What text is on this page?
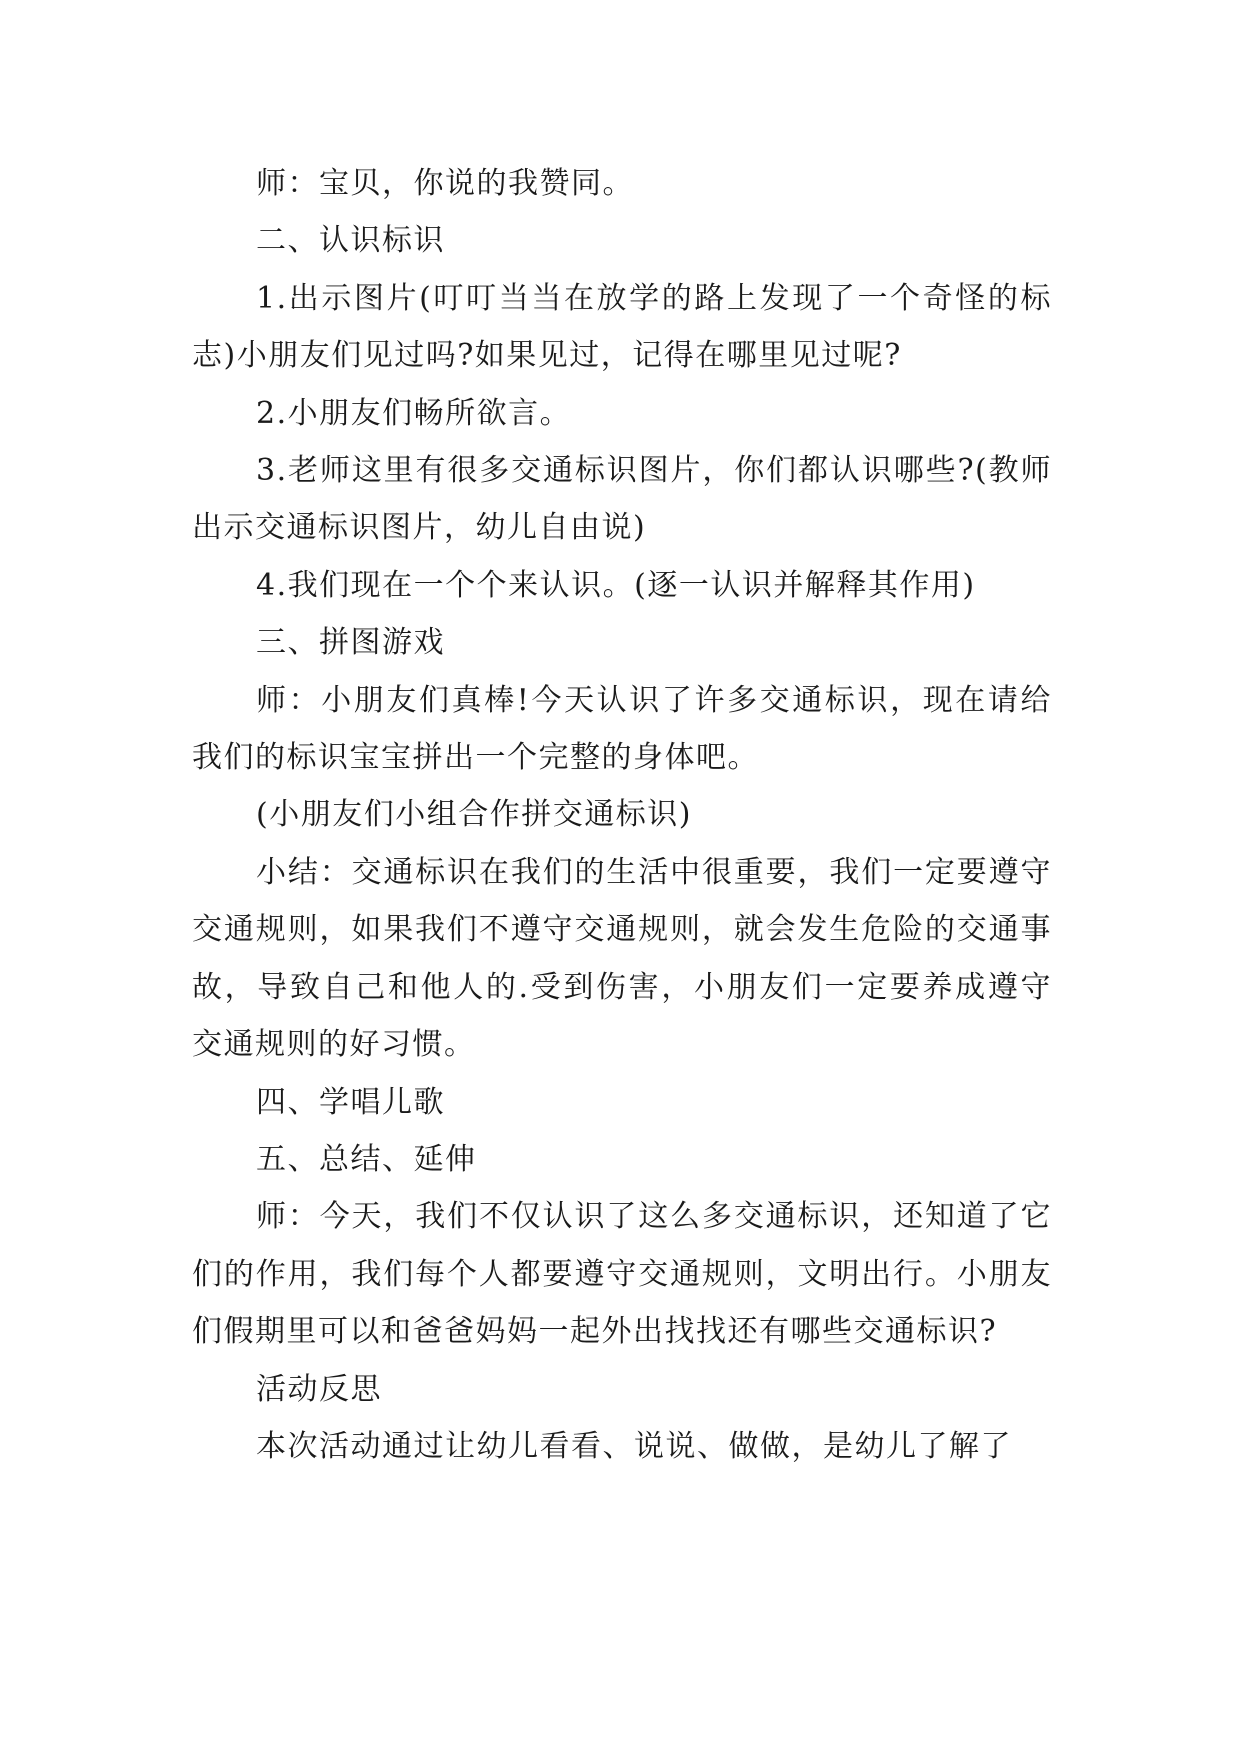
师：宝贝，你说的我赞同。

二、认识标识

1.出示图片(叮叮当当在放学的路上发现了一个奇怪的标志)小朋友们见过吗?如果见过，记得在哪里见过呢?

2.小朋友们畅所欲言。

3.老师这里有很多交通标识图片，你们都认识哪些?(教师出示交通标识图片，幼儿自由说)

4.我们现在一个个来认识。(逐一认识并解释其作用)

三、拼图游戏

师：小朋友们真棒!今天认识了许多交通标识，现在请给我们的标识宝宝拼出一个完整的身体吧。

(小朋友们小组合作拼交通标识)

小结：交通标识在我们的生活中很重要，我们一定要遵守交通规则，如果我们不遵守交通规则，就会发生危险的交通事故，导致自己和他人的.受到伤害，小朋友们一定要养成遵守交通规则的好习惯。

四、学唱儿歌

五、总结、延伸

师：今天，我们不仅认识了这么多交通标识，还知道了它们的作用，我们每个人都要遵守交通规则，文明出行。小朋友们假期里可以和爸爸妈妈一起外出找找还有哪些交通标识?

活动反思

本次活动通过让幼儿看看、说说、做做，是幼儿了解了
